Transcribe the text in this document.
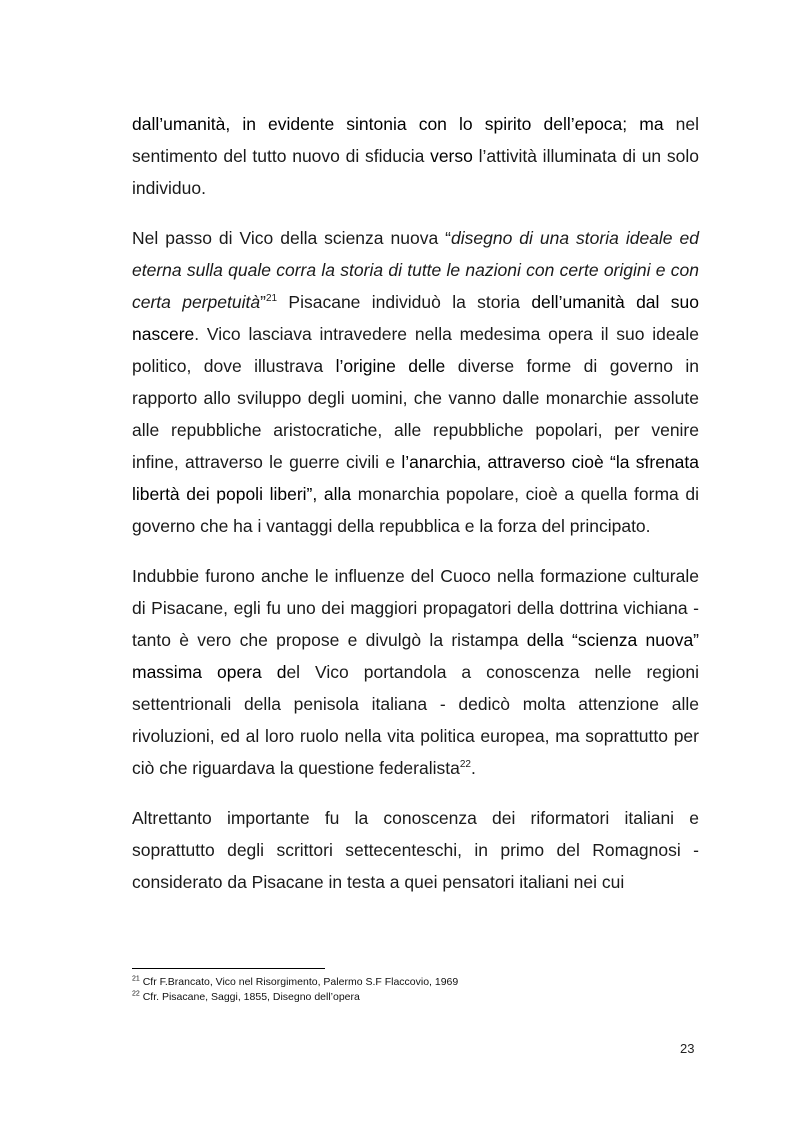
dall’umanità, in evidente sintonia con lo spirito dell’epoca; ma nel sentimento del tutto nuovo di sfiducia verso l’attività illuminata di un solo individuo.

Nel passo di Vico della scienza nuova “disegno di una storia ideale ed eterna sulla quale corra la storia di tutte le nazioni con certe origini e con certa perpetuità”$^{21}$ Pisacane individuò la storia dell’umanità dal suo nascere. Vico lasciava intravedere nella medesima opera il suo ideale politico, dove illustrava l’origine delle diverse forme di governo in rapporto allo sviluppo degli uomini, che vanno dalle monarchie assolute alle repubbliche aristocratiche, alle repubbliche popolari, per venire infine, attraverso le guerre civili e l’anarchia, attraverso cioè “la sfrenata libertà dei popoli liberi”, alla monarchia popolare, cioè a quella forma di governo che ha i vantaggi della repubblica e la forza del principato.

Indubbie furono anche le influenze del Cuoco nella formazione culturale di Pisacane, egli fu uno dei maggiori propagatori della dottrina vichiana - tanto è vero che propose e divulgò la ristampa della “scienza nuova” massima opera del Vico portandola a conoscenza nelle regioni settentrionali della penisola italiana - dedicò molta attenzione alle rivoluzioni, ed al loro ruolo nella vita politica europea, ma soprattutto per ciò che riguardava la questione federalista$^{22}$.

Altrettanto importante fu la conoscenza dei riformatori italiani e soprattutto degli scrittori settecenteschi, in primo del Romagnosi - considerato da Pisacane in testa a quei pensatori italiani nei cui

$^{21}$ Cfr F.Brancato, Vico nel Risorgimento, Palermo S.F Flaccovio, 1969
$^{22}$ Cfr. Pisacane, Saggi, 1855, Disegno dell’opera
23
